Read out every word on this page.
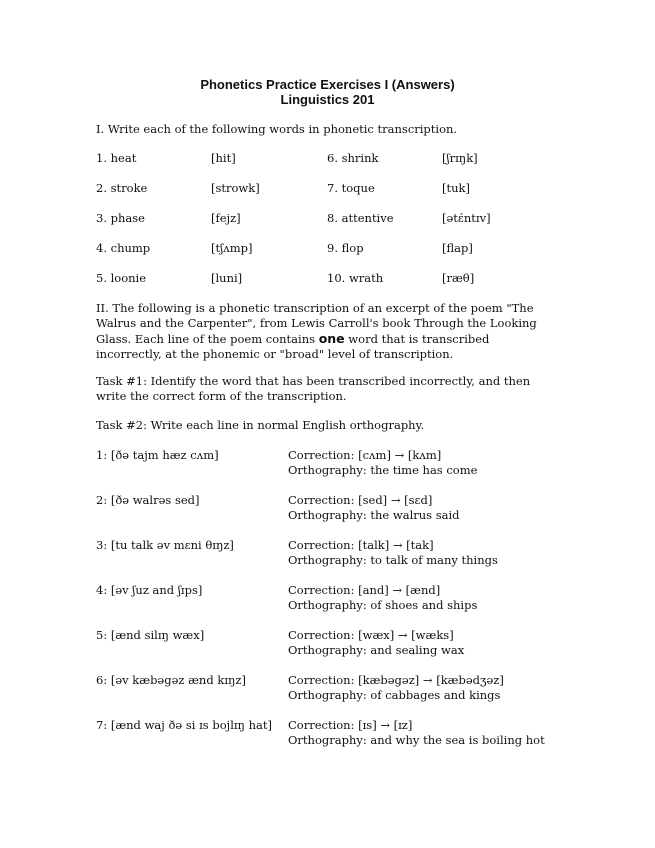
Phonetics Practice Exercises I (Answers)
Linguistics 201
I. Write each of the following words in phonetic transcription.
1. heat	[hit]
2. stroke	[strowk]
3. phase	[fejz]
4. chump	[tʃʌmp]
5. loonie	[luni]
6. shrink	[ʃrɪŋk]
7. toque	[tuk]
8. attentive	[ətɛ́ntɪv]
9. flop	[flap]
10. wrath	[ræθ]
II. The following is a phonetic transcription of an excerpt of the poem "The Walrus and the Carpenter", from Lewis Carroll's book Through the Looking Glass. Each line of the poem contains one word that is transcribed incorrectly, at the phonemic or "broad" level of transcription.
Task #1: Identify the word that has been transcribed incorrectly, and then write the correct form of the transcription.
Task #2: Write each line in normal English orthography.
1: [ðə tajm hæz cʌm]	Correction: [cʌm] → [kʌm]
Orthography: the time has come
2: [ðə walrəs sed]	Correction: [sed] → [sɛd]
Orthography: the walrus said
3: [tu talk əv mɛni θɪŋz]	Correction: [talk] → [tak]
Orthography: to talk of many things
4: [əv ʃuz and ʃɪps]	Correction: [and] → [ænd]
Orthography: of shoes and ships
5: [ænd silɪŋ wæx]	Correction: [wæx] → [wæks]
Orthography: and sealing wax
6: [əv kæbəgəz ænd kɪŋz]	Correction: [kæbəgəz] → [kæbədʒəz]
Orthography: of cabbages and kings
7: [ænd waj ðə si ɪs bojlɪŋ hat] Correction: [ɪs] → [ɪz]
Orthography: and why the sea is boiling hot
